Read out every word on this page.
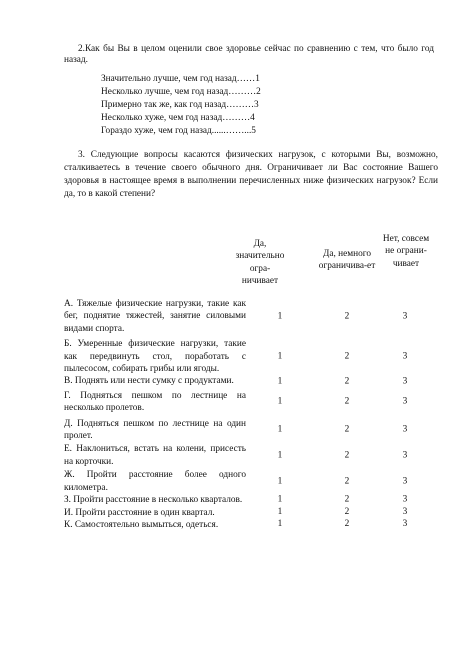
2.Как бы Вы в целом оценили свое здоровье сейчас по сравнению с тем, что было год назад.
Значительно лучше, чем год назад……1
Несколько лучше, чем год назад………2
Примерно так же, как год назад………3
Несколько хуже, чем год назад………4
Гораздо хуже, чем год назад......……...5
3. Следующие вопросы касаются физических нагрузок, с которыми Вы, возможно, сталкиваетесь в течение своего обычного дня. Ограничивает ли Вас состояние Вашего здоровья в настоящее время в выполнении перечисленных ниже физических нагрузок? Если да, то в какой степени?
Да, значительно огра-ничивает
Да, немного ограничива-ет
Нет, совсем не ограни-чивает
А. Тяжелые физические нагрузки, такие как бег, поднятие тяжестей, занятие силовыми видами спорта.
1	2	3
Б. Умеренные физические нагрузки, такие как передвинуть стол, поработать с пылесосом, собирать грибы или ягоды.
1	2	3
В. Поднять или нести сумку с продуктами.	1	2	3
Г. Подняться пешком по лестнице на несколько пролетов.
1	2	3
Д. Подняться пешком по лестнице на один пролет.
1	2	3
Е. Наклониться, встать на колени, присесть на корточки.
1	2	3
Ж. Пройти расстояние более одного километра.
1	2	3
З. Пройти расстояние в несколько кварталов.	1	2	3
И. Пройти расстояние в один квартал.	1	2	3
К. Самостоятельно вымыться, одеться.	1	2	3
